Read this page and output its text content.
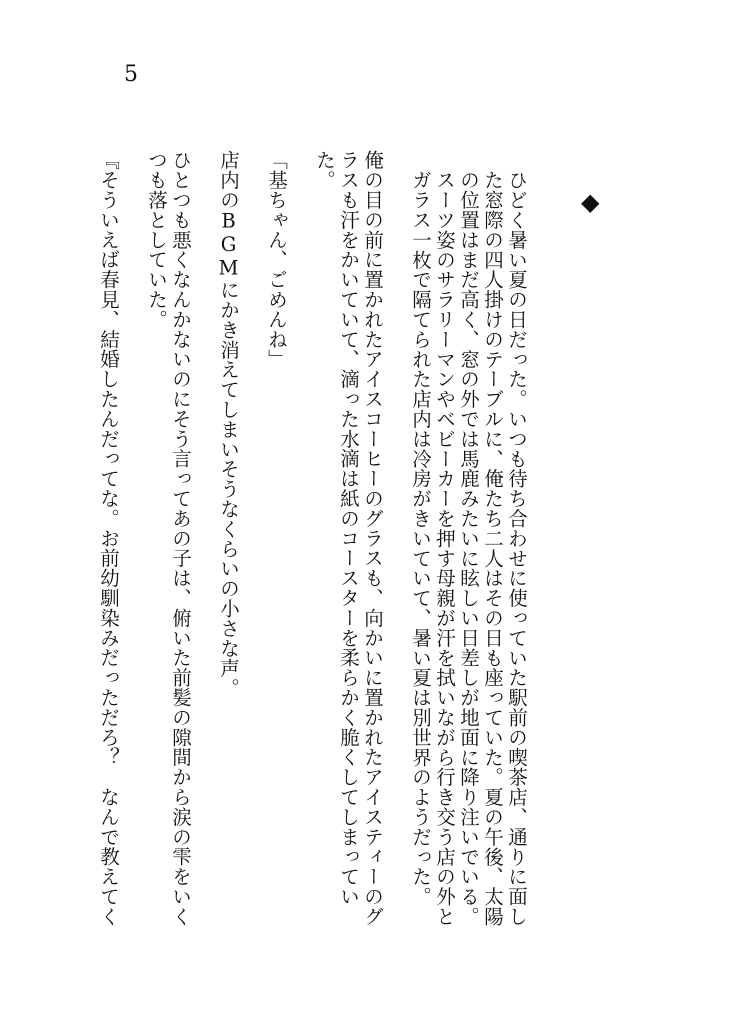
5
◆

ひどく暑い夏の日だった。いつも待ち合わせに使っていた駅前の喫茶店、通りに面した窓際の四人掛けのテーブルに、俺たち二人はその日も座っていた。夏の午後、太陽の位置はまだ高く、窓の外では馬鹿みたいに眩しい日差しが地面に降り注いでいる。スーツ姿のサラリーマンやベビーカーを押す母親が汗を拭いながら行き交う店の外とガラス一枚で隔てられた店内は冷房がきいていて、暑い夏は別世界のようだった。

俺の目の前に置かれたアイスコーヒーのグラスも、向かいに置かれたアイスティーのグラスも汗をかいていて、滴った水滴は紙のコースターを柔らかく脆くしてしまっていた。

「基ちゃん、ごめんね」

店内のBGMにかき消えてしまいそうなくらいの小さな声。

ひとつも悪くなんかないのにそう言ってあの子は、俯いた前髪の隙間から涙の雫をいくつも落としていた。

『そういえば春見、結婚したんだってな。お前幼馴染みだっただろ？　なんで教えてく
